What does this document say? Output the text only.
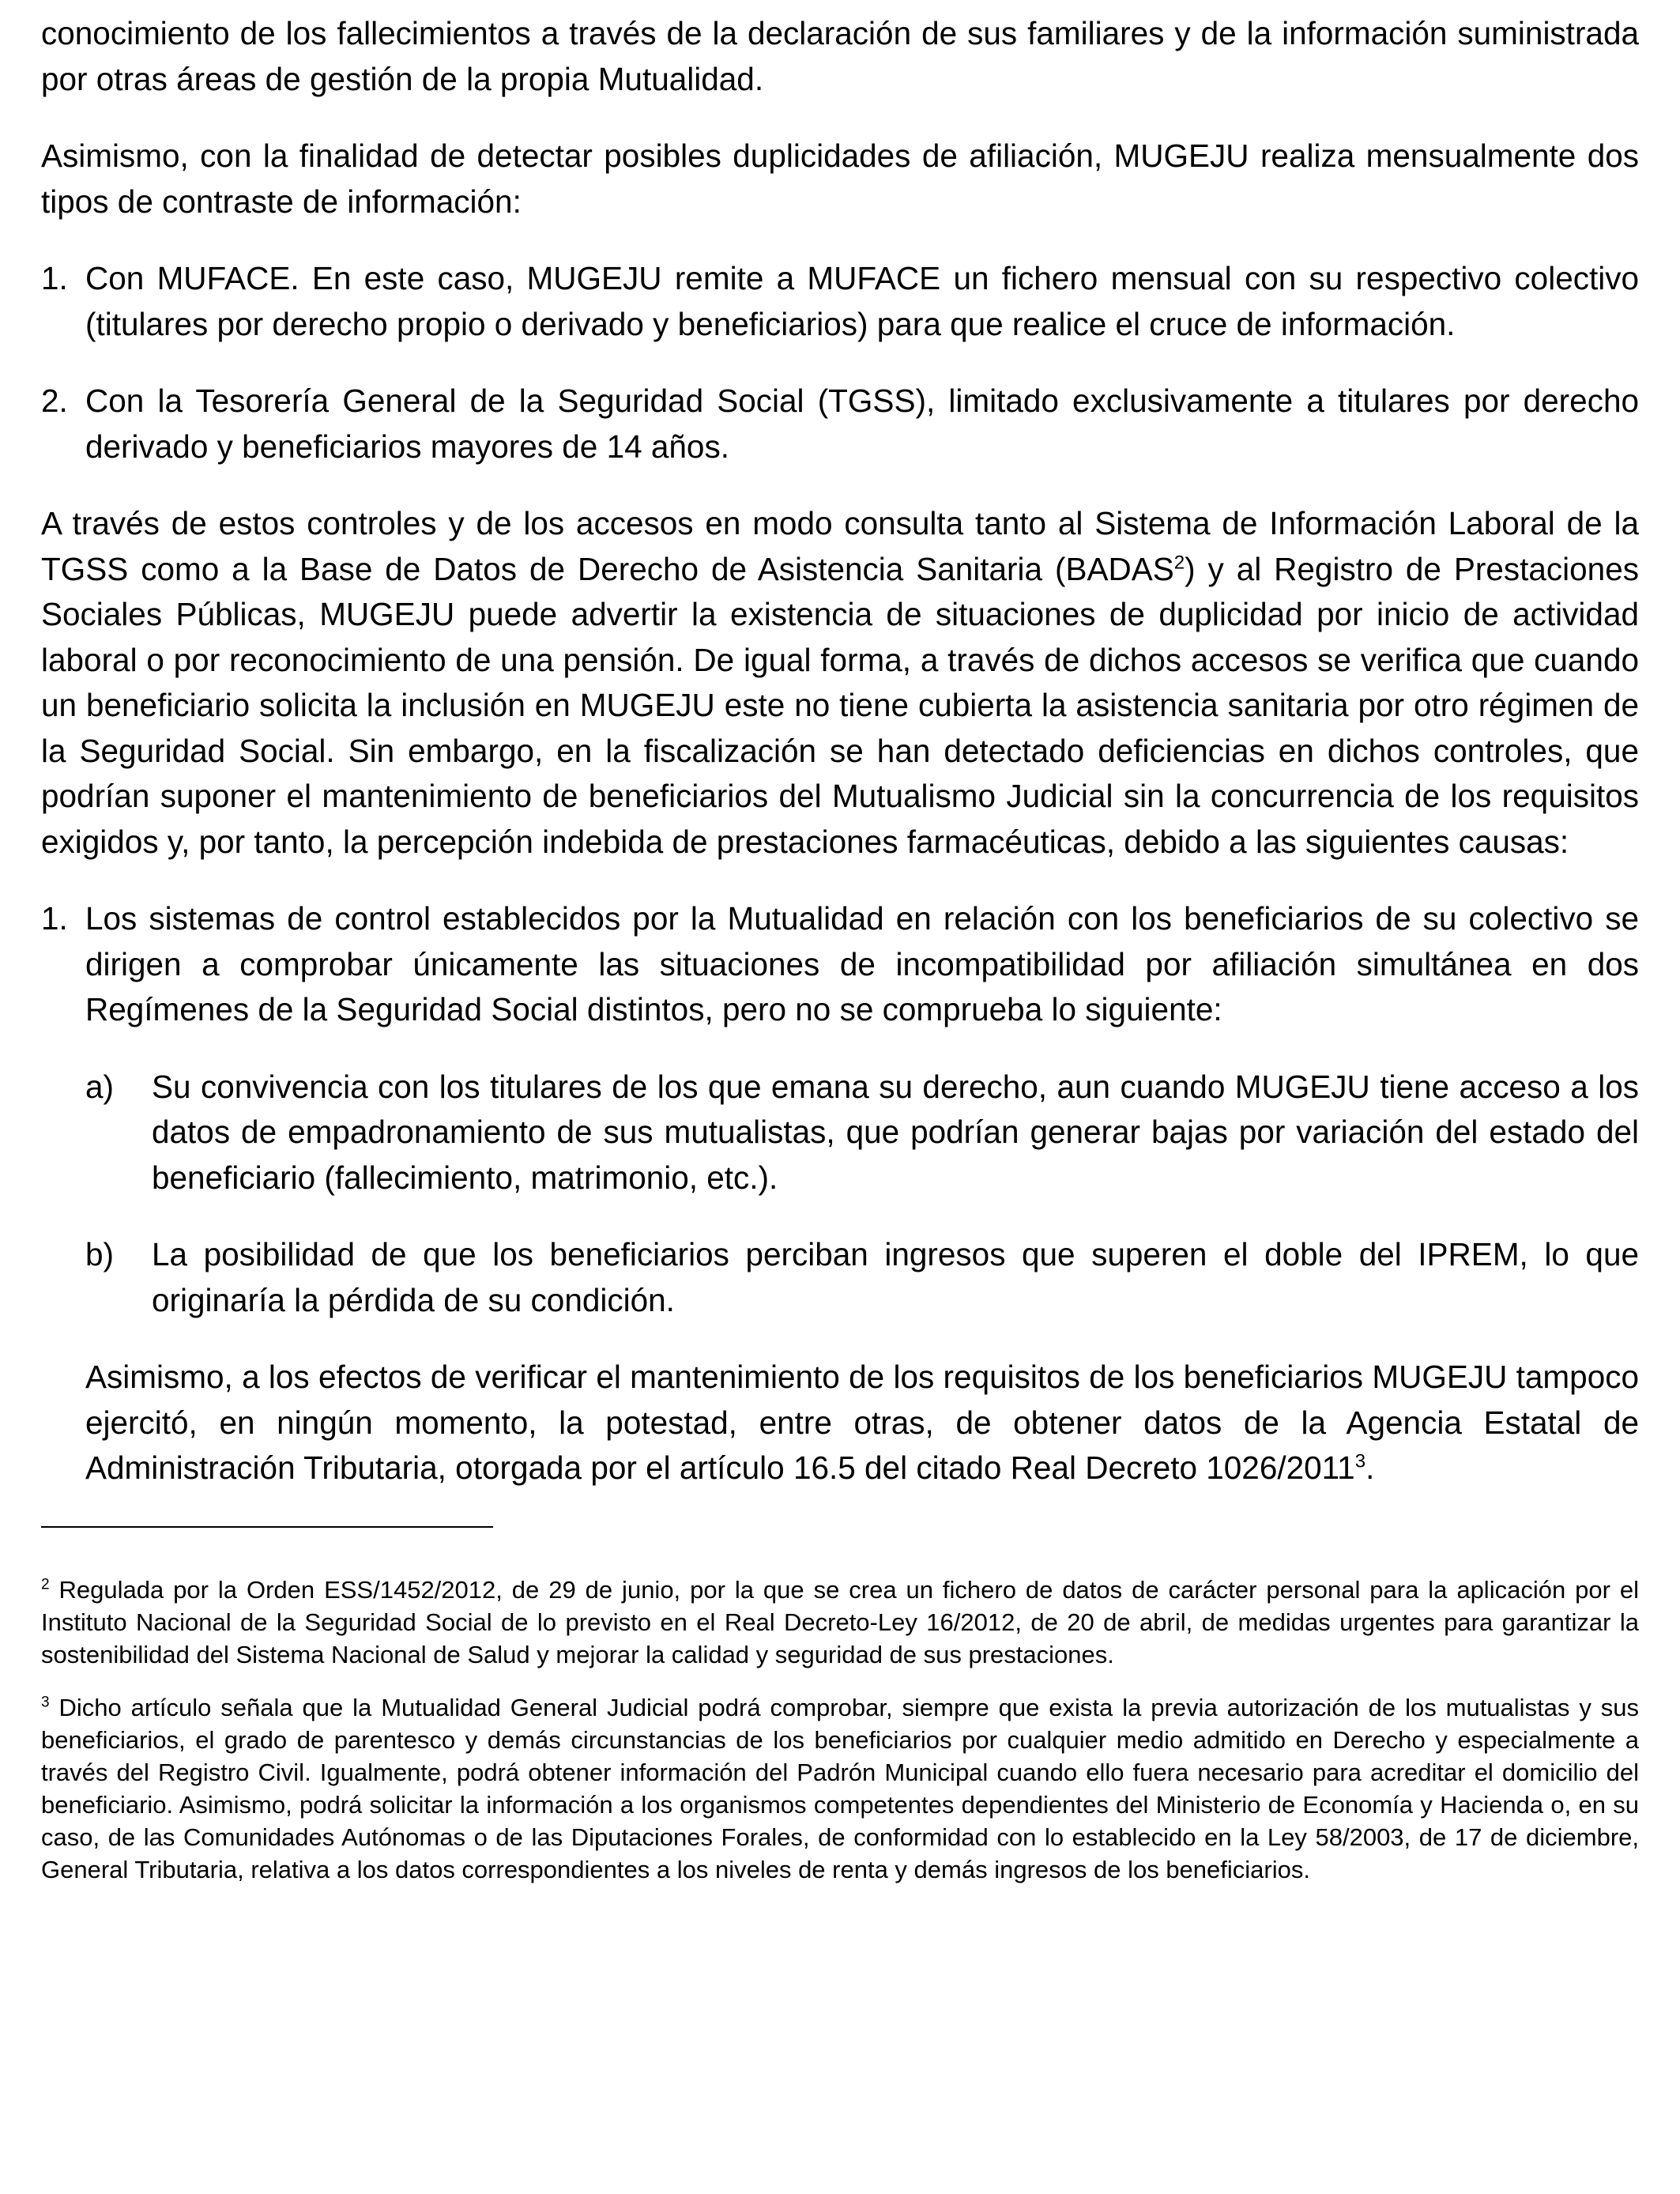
conocimiento de los fallecimientos a través de la declaración de sus familiares y de la información suministrada por otras áreas de gestión de la propia Mutualidad.

Asimismo, con la finalidad de detectar posibles duplicidades de afiliación, MUGEJU realiza mensualmente dos tipos de contraste de información:

1. Con MUFACE. En este caso, MUGEJU remite a MUFACE un fichero mensual con su respectivo colectivo (titulares por derecho propio o derivado y beneficiarios) para que realice el cruce de información.
2. Con la Tesorería General de la Seguridad Social (TGSS), limitado exclusivamente a titulares por derecho derivado y beneficiarios mayores de 14 años.

A través de estos controles y de los accesos en modo consulta tanto al Sistema de Información Laboral de la TGSS como a la Base de Datos de Derecho de Asistencia Sanitaria (BADAS$^2$) y al Registro de Prestaciones Sociales Públicas, MUGEJU puede advertir la existencia de situaciones de duplicidad por inicio de actividad laboral o por reconocimiento de una pensión. De igual forma, a través de dichos accesos se verifica que cuando un beneficiario solicita la inclusión en MUGEJU este no tiene cubierta la asistencia sanitaria por otro régimen de la Seguridad Social. Sin embargo, en la fiscalización se han detectado deficiencias en dichos controles, que podrían suponer el mantenimiento de beneficiarios del Mutualismo Judicial sin la concurrencia de los requisitos exigidos y, por tanto, la percepción indebida de prestaciones farmacéuticas, debido a las siguientes causas:

1. Los sistemas de control establecidos por la Mutualidad en relación con los beneficiarios de su colectivo se dirigen a comprobar únicamente las situaciones de incompatibilidad por afiliación simultánea en dos Regímenes de la Seguridad Social distintos, pero no se comprueba lo siguiente:
a) Su convivencia con los titulares de los que emana su derecho, aun cuando MUGEJU tiene acceso a los datos de empadronamiento de sus mutualistas, que podrían generar bajas por variación del estado del beneficiario (fallecimiento, matrimonio, etc.).
b) La posibilidad de que los beneficiarios perciban ingresos que superen el doble del IPREM, lo que originaría la pérdida de su condición.

Asimismo, a los efectos de verificar el mantenimiento de los requisitos de los beneficiarios MUGEJU tampoco ejercitó, en ningún momento, la potestad, entre otras, de obtener datos de la Agencia Estatal de Administración Tributaria, otorgada por el artículo 16.5 del citado Real Decreto 1026/2011$^3$.

$^2$ Regulada por la Orden ESS/1452/2012, de 29 de junio, por la que se crea un fichero de datos de carácter personal para la aplicación por el Instituto Nacional de la Seguridad Social de lo previsto en el Real Decreto-Ley 16/2012, de 20 de abril, de medidas urgentes para garantizar la sostenibilidad del Sistema Nacional de Salud y mejorar la calidad y seguridad de sus prestaciones.

$^3$ Dicho artículo señala que la Mutualidad General Judicial podrá comprobar, siempre que exista la previa autorización de los mutualistas y sus beneficiarios, el grado de parentesco y demás circunstancias de los beneficiarios por cualquier medio admitido en Derecho y especialmente a través del Registro Civil. Igualmente, podrá obtener información del Padrón Municipal cuando ello fuera necesario para acreditar el domicilio del beneficiario. Asimismo, podrá solicitar la información a los organismos competentes dependientes del Ministerio de Economía y Hacienda o, en su caso, de las Comunidades Autónomas o de las Diputaciones Forales, de conformidad con lo establecido en la Ley 58/2003, de 17 de diciembre, General Tributaria, relativa a los datos correspondientes a los niveles de renta y demás ingresos de los beneficiarios.
